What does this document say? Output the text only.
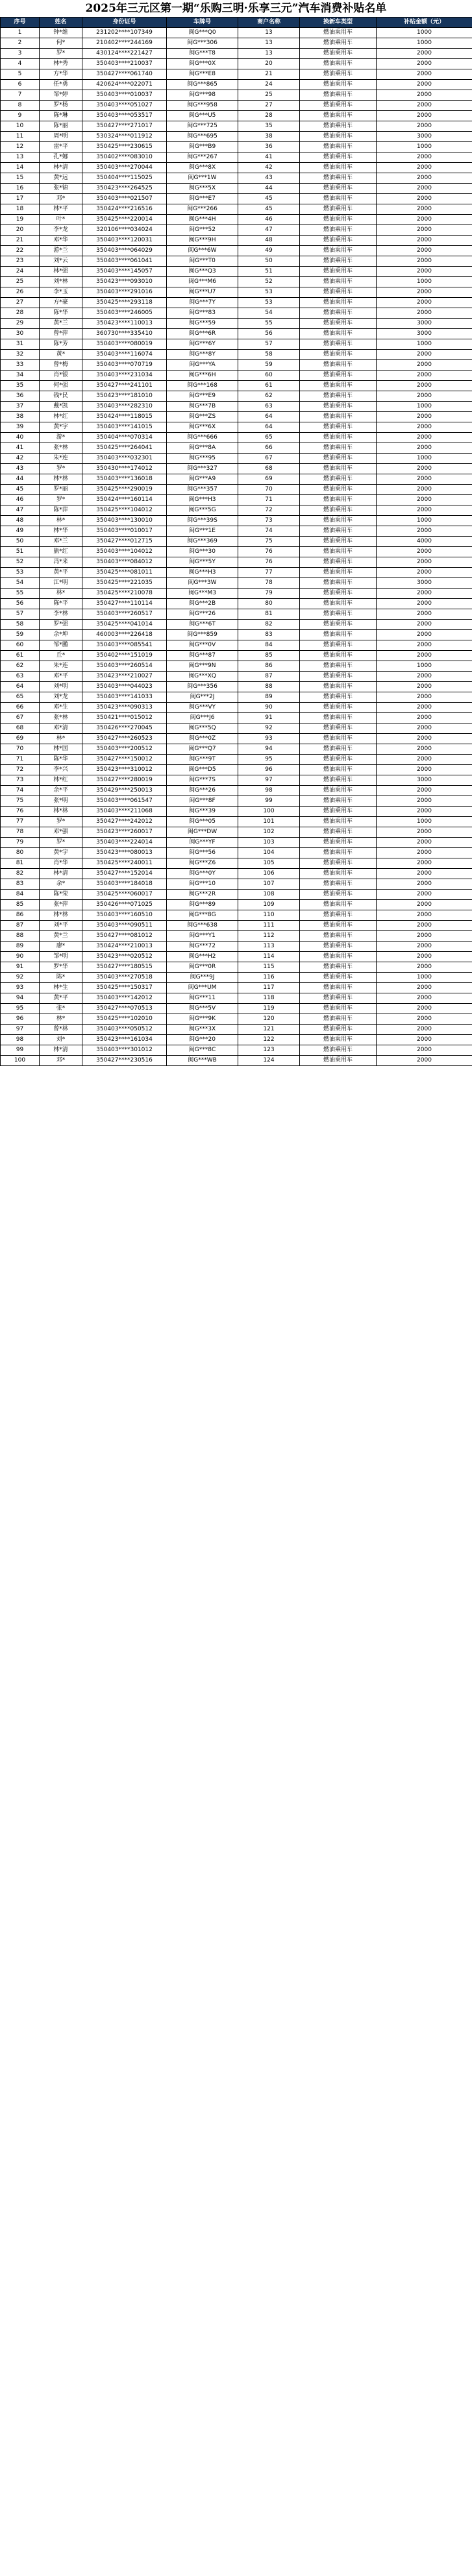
2025年三元区第一期“乐购三明·乐享三元”汽车消费补贴名单
序号	姓名	身份证号	车牌号	商户名称	换新车类型	补贴金额（元）
1	钟*维	231202****107349	闽G***Q0	13	燃油乘用车	1000
2	何*	210402****244169	闽G***306	13	燃油乘用车	1000
3	罗*	430124****221427	闽G***T8	13	燃油乘用车	2000
4	林*秀	350403****210037	闽G***0X	20	燃油乘用车	2000
5	方*华	350427****061740	闽G***E8	21	燃油乘用车	2000
6	任*勇	420624****022071	闽G***865	24	燃油乘用车	2000
7	邹*婷	350403****010037	闽G***98	25	燃油乘用车	2000
8	罗*杨	350403****051027	闽G***958	27	燃油乘用车	2000
9	陈*琳	350403****053517	闽G***U5	28	燃油乘用车	2000
10	陈*丽	350427****271017	闽G***725	35	燃油乘用车	2000
11	周*明	530324****011912	闽G***695	38	燃油乘用车	3000
12	雷*平	350425****230615	闽G***B9	36	燃油乘用车	1000
13	孔*娜	350402****083010	闽G***267	41	燃油乘用车	2000
14	林*清	350403****270044	闽G***8X	42	燃油乘用车	2000
15	黄*远	350404****115025	闽G***1W	43	燃油乘用车	2000
16	张*锦	350423****264525	闽G***5X	44	燃油乘用车	2000
17	邓*	350403****021507	闽G***E7	45	燃油乘用车	2000
18	林*平	350424****216516	闽G***266	45	燃油乘用车	2000
19	叶*	350425****220014	闽G***4H	46	燃油乘用车	2000
20	李*龙	320106****034024	闽G***52	47	燃油乘用车	2000
21	邓*华	350403****120031	闽G***9H	48	燃油乘用车	2000
22	游*兰	350403****064029	闽G***6W	49	燃油乘用车	2000
23	刘*云	350403****061041	闽G***T0	50	燃油乘用车	2000
24	林*强	350403****145057	闽G***Q3	51	燃油乘用车	2000
25	刘*林	350423****093010	闽G***M6	52	燃油乘用车	1000
26	李*玉	350403****291016	闽G***U7	53	燃油乘用车	2000
27	方*豪	350425****293118	闽G***7Y	53	燃油乘用车	2000
28	陈*华	350403****246005	闽G***83	54	燃油乘用车	2000
29	黄*兰	350423****110013	闽G***59	55	燃油乘用车	3000
30	曾*萍	360730****335410	闽G***6R	56	燃油乘用车	3000
31	陈*芳	350403****080019	闽G***6Y	57	燃油乘用车	1000
32	黄*	350403****116074	闽G***8Y	58	燃油乘用车	2000
33	曾*梅	350403****070719	闽G***YA	59	燃油乘用车	2000
34	肖*银	350403****231034	闽G***6H	60	燃油乘用车	2000
35	何*强	350427****241101	闽G***168	61	燃油乘用车	2000
36	钱*民	350423****181010	闽G***E9	62	燃油乘用车	2000
37	戴*凯	350403****282310	闽G***7B	63	燃油乘用车	1000
38	林*红	350424****118015	闽G***ZS	64	燃油乘用车	2000
39	黄*宇	350403****141015	闽G***6X	64	燃油乘用车	2000
40	游*	350404****070314	闽G***666	65	燃油乘用车	2000
41	张*林	350425****264041	闽G***8A	66	燃油乘用车	2000
42	朱*连	350403****032301	闽G***95	67	燃油乘用车	1000
43	罗*	350430****174012	闽G***327	68	燃油乘用车	2000
44	林*林	350403****136018	闽G***A9	69	燃油乘用车	2000
45	罗*丽	350425****290019	闽G***357	70	燃油乘用车	2000
46	罗*	350424****160114	闽G***H3	71	燃油乘用车	2000
47	陈*萍	350425****104012	闽G***5G	72	燃油乘用车	2000
48	林*	350403****130010	闽G***39S	73	燃油乘用车	1000
49	林*华	350403****010017	闽G***1E	74	燃油乘用车	2000
50	邓*兰	350427****012715	闽G***369	75	燃油乘用车	4000
51	熊*红	350403****104012	闽G***30	76	燃油乘用车	2000
52	冯*来	350403****084012	闽G***5Y	76	燃油乘用车	2000
53	黄*平	350425****081011	闽G***H3	77	燃油乘用车	2000
54	江*明	350425****221035	闽G***3W	78	燃油乘用车	3000
55	林*	350425****210078	闽G***M3	79	燃油乘用车	2000
56	陈*平	350427****110114	闽G***2B	80	燃油乘用车	2000
57	李*林	350403****260517	闽G***26	81	燃油乘用车	2000
58	罗*强	350425****041014	闽G***6T	82	燃油乘用车	2000
59	余*坤	460003****226418	闽G***859	83	燃油乘用车	2000
60	邹*鹏	350403****085541	闽G***0V	84	燃油乘用车	2000
61	丘*	350402****151019	闽G***87	85	燃油乘用车	2000
62	朱*连	350403****260514	闽G***9N	86	燃油乘用车	1000
63	邓*平	350423****210027	闽G***XQ	87	燃油乘用车	2000
64	刘*明	350403****044023	闽G***356	88	燃油乘用车	2000
65	刘*龙	350403****141033	闽G***2J	89	燃油乘用车	2000
66	邓*生	350423****090313	闽G***VY	90	燃油乘用车	2000
67	张*林	350421****015012	闽G***J6	91	燃油乘用车	2000
68	邓*清	350426****270045	闽G***5Q	92	燃油乘用车	2000
69	林*	350427****260523	闽G***0Z	93	燃油乘用车	2000
70	林*国	350403****200512	闽G***Q7	94	燃油乘用车	2000
71	陈*华	350427****150012	闽G***9T	95	燃油乘用车	2000
72	李*兴	350423****310012	闽G***D5	96	燃油乘用车	2000
73	林*红	350427****280019	闽G***7S	97	燃油乘用车	3000
74	余*平	350429****250013	闽G***26	98	燃油乘用车	2000
75	张*明	350403****061547	闽G***8F	99	燃油乘用车	2000
76	林*林	350403****211068	闽G***39	100	燃油乘用车	2000
77	罗*	350427****242012	闽G***05	101	燃油乘用车	1000
78	邓*强	350423****260017	闽G***DW	102	燃油乘用车	2000
79	罗*	350403****224014	闽G***YF	103	燃油乘用车	2000
80	黄*宇	350423****080013	闽G***56	104	燃油乘用车	2000
81	肖*华	350425****240011	闽G***Z6	105	燃油乘用车	2000
82	林*清	350427****152014	闽G***0Y	106	燃油乘用车	2000
83	余*	350403****184018	闽G***10	107	燃油乘用车	2000
84	陈*荣	350425****060017	闽G***2R	108	燃油乘用车	2000
85	张*萍	350426****071025	闽G***89	109	燃油乘用车	2000
86	林*林	350403****160510	闽G***8G	110	燃油乘用车	2000
87	刘*平	350403****090511	闽G***638	111	燃油乘用车	2000
88	黄*兰	350427****081012	闽G***Y1	112	燃油乘用车	2000
89	廖*	350424****210013	闽G***72	113	燃油乘用车	2000
90	邹*明	350423****020512	闽G***H2	114	燃油乘用车	2000
91	罗*华	350427****180515	闽G***0R	115	燃油乘用车	2000
92	陈*	350403****270518	闽G***9J	116	燃油乘用车	1000
93	林*生	350425****150317	闽G***UM	117	燃油乘用车	2000
94	黄*平	350403****142012	闽G***11	118	燃油乘用车	2000
95	张*	350427****070513	闽G***5V	119	燃油乘用车	2000
96	林*	350425****102010	闽G***9K	120	燃油乘用车	2000
97	曾*林	350403****050512	闽G***3X	121	燃油乘用车	2000
98	刘*	350423****161034	闽G***20	122	燃油乘用车	2000
99	林*清	350403****301012	闽G***8C	123	燃油乘用车	2000
100	邓*	350427****230516	闽G***WB	124	燃油乘用车	2000
